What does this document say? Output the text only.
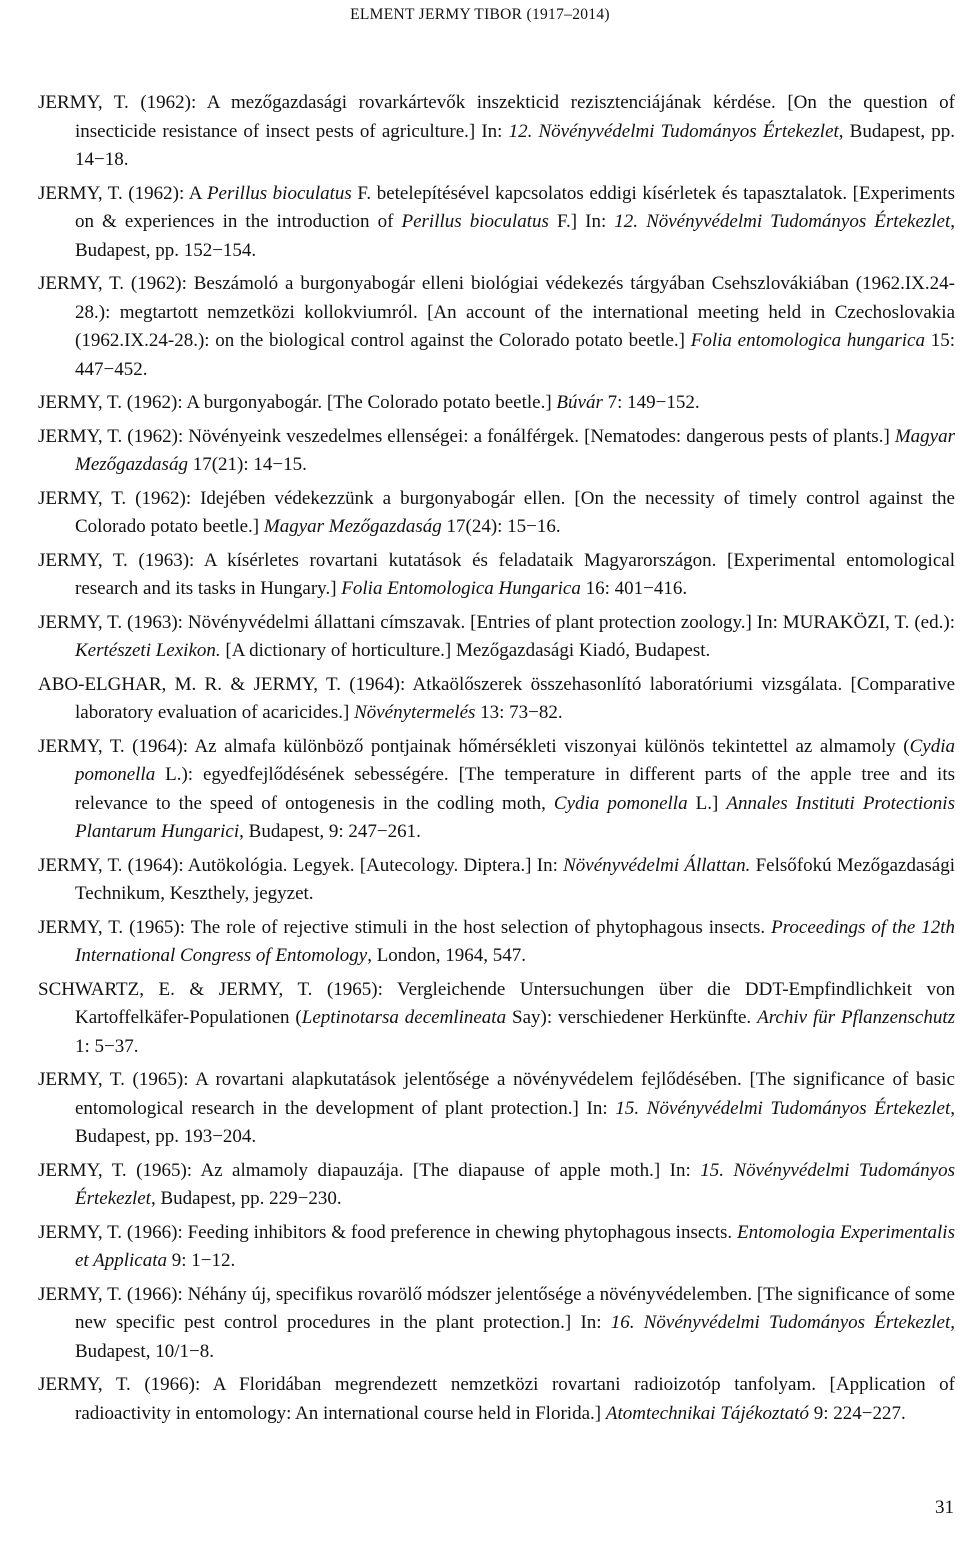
ELMENT JERMY TIBOR (1917–2014)

JERMY, T. (1962): A mezőgazdasági rovarkártevők inszekticid rezisztenciájának kérdése. [On the question of insecticide resistance of insect pests of agriculture.] In: 12. Növényvédelmi Tudományos Értekezlet, Budapest, pp. 14−18.

JERMY, T. (1962): A Perillus bioculatus F. betelepítésével kapcsolatos eddigi kísérletek és tapasztalatok. [Experiments on & experiences in the introduction of Perillus bioculatus F.] In: 12. Növényvédelmi Tudományos Értekezlet, Budapest, pp. 152−154.

JERMY, T. (1962): Beszámoló a burgonyabogár elleni biológiai védekezés tárgyában Csehszlovákiában (1962.IX.24-28.): megtartott nemzetközi kollokviumról. [An account of the international meeting held in Czechoslovakia (1962.IX.24-28.): on the biological control against the Colorado potato beetle.] Folia entomologica hungarica 15: 447−452.

JERMY, T. (1962): A burgonyabogár. [The Colorado potato beetle.] Búvár 7: 149−152.

JERMY, T. (1962): Növényeink veszedelmes ellenségei: a fonálférgek. [Nematodes: dangerous pests of plants.] Magyar Mezőgazdaság 17(21): 14−15.

JERMY, T. (1962): Idejében védekezzünk a burgonyabogár ellen. [On the necessity of timely control against the Colorado potato beetle.] Magyar Mezőgazdaság 17(24): 15−16.

JERMY, T. (1963): A kísérletes rovartani kutatások és feladataik Magyarországon. [Experimental entomological research and its tasks in Hungary.] Folia Entomologica Hungarica 16: 401−416.

JERMY, T. (1963): Növényvédelmi állattani címszavak. [Entries of plant protection zoology.] In: MURAKÖZI, T. (ed.): Kertészeti Lexikon. [A dictionary of horticulture.] Mezőgazdasági Kiadó, Budapest.

ABO-ELGHAR, M. R. & JERMY, T. (1964): Atkaölőszerek összehasonlító laboratóriumi vizsgálata. [Comparative laboratory evaluation of acaricides.] Növénytermelés 13: 73−82.

JERMY, T. (1964): Az almafa különböző pontjainak hőmérsékleti viszonyai különös tekintettel az almamoly (Cydia pomonella L.): egyedfejlődésének sebességére. [The temperature in different parts of the apple tree and its relevance to the speed of ontogenesis in the codling moth, Cydia pomonella L.] Annales Instituti Protectionis Plantarum Hungarici, Budapest, 9: 247−261.

JERMY, T. (1964): Autökológia. Legyek. [Autecology. Diptera.] In: Növényvédelmi Állattan. Felsőfokú Mezőgazdasági Technikum, Keszthely, jegyzet.

JERMY, T. (1965): The role of rejective stimuli in the host selection of phytophagous insects. Proceedings of the 12th International Congress of Entomology, London, 1964, 547.

SCHWARTZ, E. & JERMY, T. (1965): Vergleichende Untersuchungen über die DDT-Empfindlichkeit von Kartoffelkäfer-Populationen (Leptinotarsa decemlineata Say): verschiedener Herkünfte. Archiv für Pflanzenschutz 1: 5−37.

JERMY, T. (1965): A rovartani alapkutatások jelentősége a növényvédelem fejlődésében. [The significance of basic entomological research in the development of plant protection.] In: 15. Növényvédelmi Tudományos Értekezlet, Budapest, pp. 193−204.

JERMY, T. (1965): Az almamoly diapauzája. [The diapause of apple moth.] In: 15. Növényvédelmi Tudományos Értekezlet, Budapest, pp. 229−230.

JERMY, T. (1966): Feeding inhibitors & food preference in chewing phytophagous insects. Entomologia Experimentalis et Applicata 9: 1−12.

JERMY, T. (1966): Néhány új, specifikus rovarölő módszer jelentősége a növényvédelemben. [The significance of some new specific pest control procedures in the plant protection.] In: 16. Növényvédelmi Tudományos Értekezlet, Budapest, 10/1−8.

JERMY, T. (1966): A Floridában megrendezett nemzetközi rovartani radioizotóp tanfolyam. [Application of radioactivity in entomology: An international course held in Florida.] Atomtechnikai Tájékoztató 9: 224−227.

31
